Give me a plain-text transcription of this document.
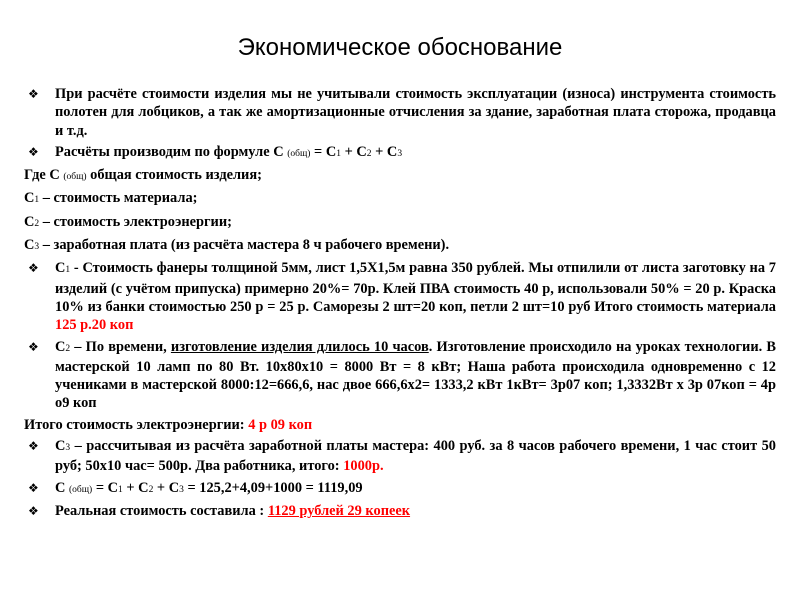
Экономическое обоснование

❖ При расчёте стоимости изделия мы не учитывали стоимость эксплуатации (износа) инструмента стоимость полотен для лобциков, а так же амортизационные отчисления за здание, заработная плата сторожа, продавца и т.д.

❖ Расчёты производим по формуле С (общ) = С1 + С2 + С3

Где С (общ) общая стоимость изделия;

С1 – стоимость материала;

С2 – стоимость электроэнергии;

С3 – заработная плата (из расчёта мастера 8 ч рабочего времени).

❖ С1 - Стоимость фанеры толщиной 5мм, лист 1,5Х1,5м равна 350 рублей. Мы отпилили от листа заготовку на 7 изделий (с учётом припуска) примерно 20%= 70р. Клей ПВА стоимость 40 р, использовали 50% = 20 р. Краска 10% из банки стоимостью 250 р = 25 р. Саморезы 2 шт=20 коп, петли 2 шт=10 руб Итого стоимость материала 125 р.20 коп

❖ С2 – По времени, изготовление изделия длилось 10 часов. Изготовление происходило на уроках технологии. В мастерской 10 ламп по 80 Вт. 10х80х10 = 8000 Вт = 8 кВт; Наша работа происходила одновременно с 12 учениками в мастерской 8000:12=666,6, нас двое 666,6х2= 1333,2 кВт 1кВт= 3р07 коп; 1,3332Вт х 3р 07коп = 4р о9 коп

Итого стоимость электроэнергии: 4 р 09 коп

❖ С3 – рассчитывая из расчёта заработной платы мастера: 400 руб. за 8 часов рабочего времени, 1 час стоит 50 руб; 50х10 час= 500р. Два работника, итого: 1000р.

❖ С (общ) = С1 + С2 + С3 = 125,2+4,09+1000 = 1119,09

❖ Реальная стоимость составила : 1129 рублей 29 копеек
